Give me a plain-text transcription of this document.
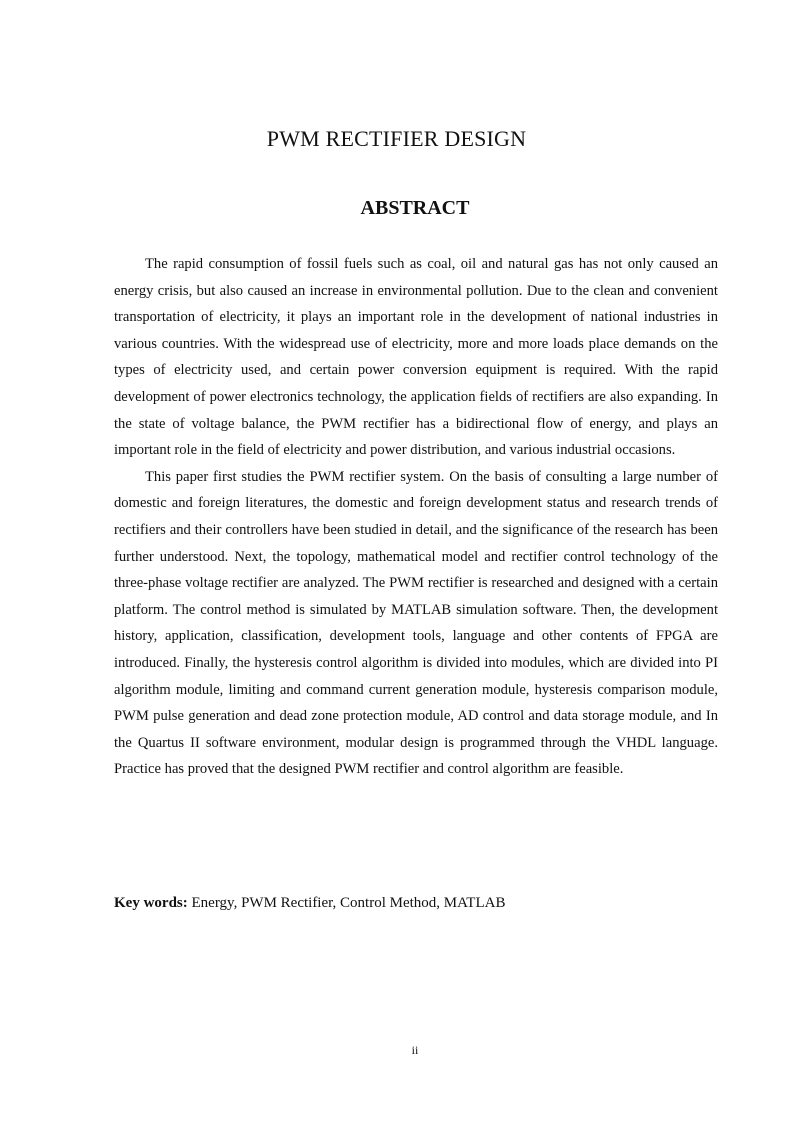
PWM RECTIFIER DESIGN
ABSTRACT

The rapid consumption of fossil fuels such as coal, oil and natural gas has not only caused an energy crisis, but also caused an increase in environmental pollution. Due to the clean and convenient transportation of electricity, it plays an important role in the development of national industries in various countries. With the widespread use of electricity, more and more loads place demands on the types of electricity used, and certain power conversion equipment is required. With the rapid development of power electronics technology, the application fields of rectifiers are also expanding. In the state of voltage balance, the PWM rectifier has a bidirectional flow of energy, and plays an important role in the field of electricity and power distribution, and various industrial occasions.

This paper first studies the PWM rectifier system. On the basis of consulting a large number of domestic and foreign literatures, the domestic and foreign development status and research trends of rectifiers and their controllers have been studied in detail, and the significance of the research has been further understood. Next, the topology, mathematical model and rectifier control technology of the three-phase voltage rectifier are analyzed. The PWM rectifier is researched and designed with a certain platform. The control method is simulated by MATLAB simulation software. Then, the development history, application, classification, development tools, language and other contents of FPGA are introduced. Finally, the hysteresis control algorithm is divided into modules, which are divided into PI algorithm module, limiting and command current generation module, hysteresis comparison module, PWM pulse generation and dead zone protection module, AD control and data storage module, and In the Quartus II software environment, modular design is programmed through the VHDL language. Practice has proved that the designed PWM rectifier and control algorithm are feasible.

Key words: Energy, PWM Rectifier, Control Method, MATLAB
ii
